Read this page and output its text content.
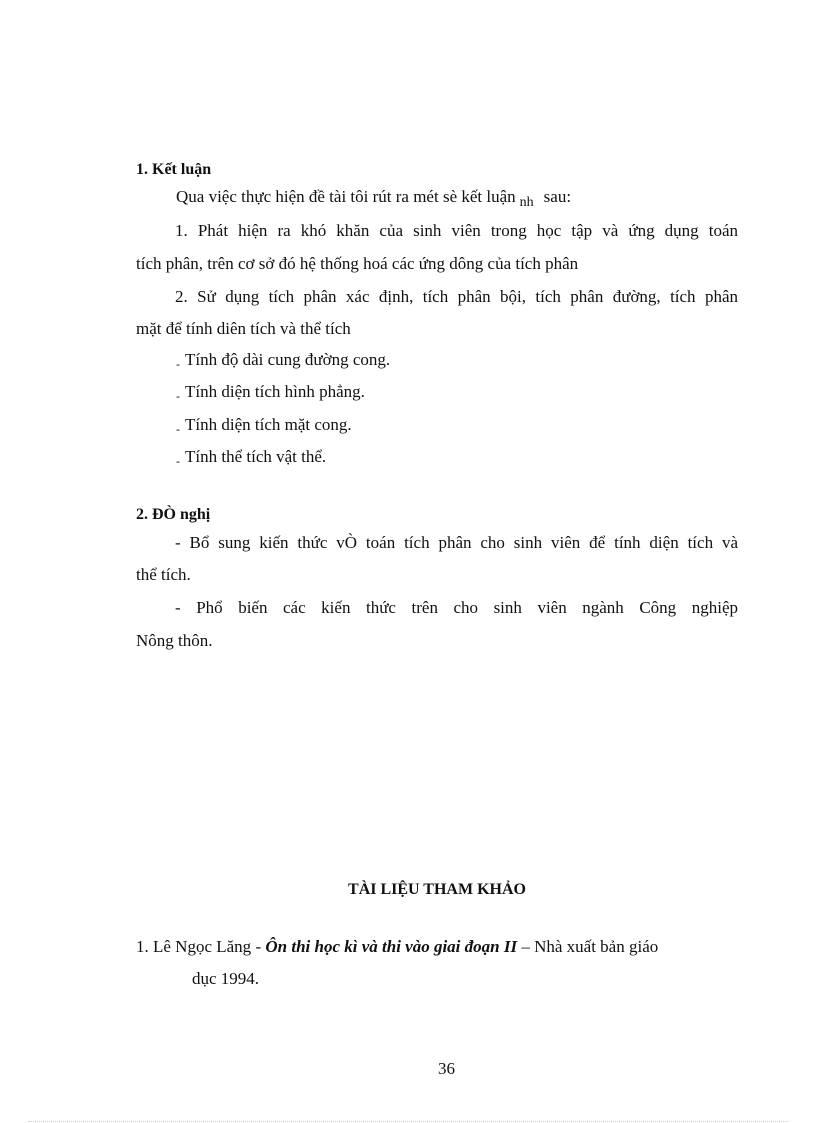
1. Kết luận
Qua việc thực hiện đề tài tôi rút ra mét sè kết luận $_{nh}$ sau:
1. Phát hiện ra khó khăn của sinh viên trong học tập và ứng dụng toán
tích phân, trên cơ sở đó hệ thống hoá các ứng dông của tích phân
2. Sử dụng tích phân xác định, tích phân bội, tích phân đường, tích phân
mặt để tính diên tích và thể tích
- Tính độ dài cung đường cong.
- Tính diện tích hình phẳng.
- Tính diện tích mặt cong.
- Tính thể tích vật thể.
2. ĐÒ nghị
- Bổ sung kiến thức vÒ toán tích phân cho sinh viên để tính diện tích và
thể tích.
- Phổ biến các kiến thức trên cho sinh viên ngành Công nghiệp
Nông thôn.
TÀI LIỆU THAM KHẢO
1. Lê Ngọc Lăng - Ôn thi học kì và thi vào giai đoạn II – Nhà xuất bản giáo
dục 1994.
36
